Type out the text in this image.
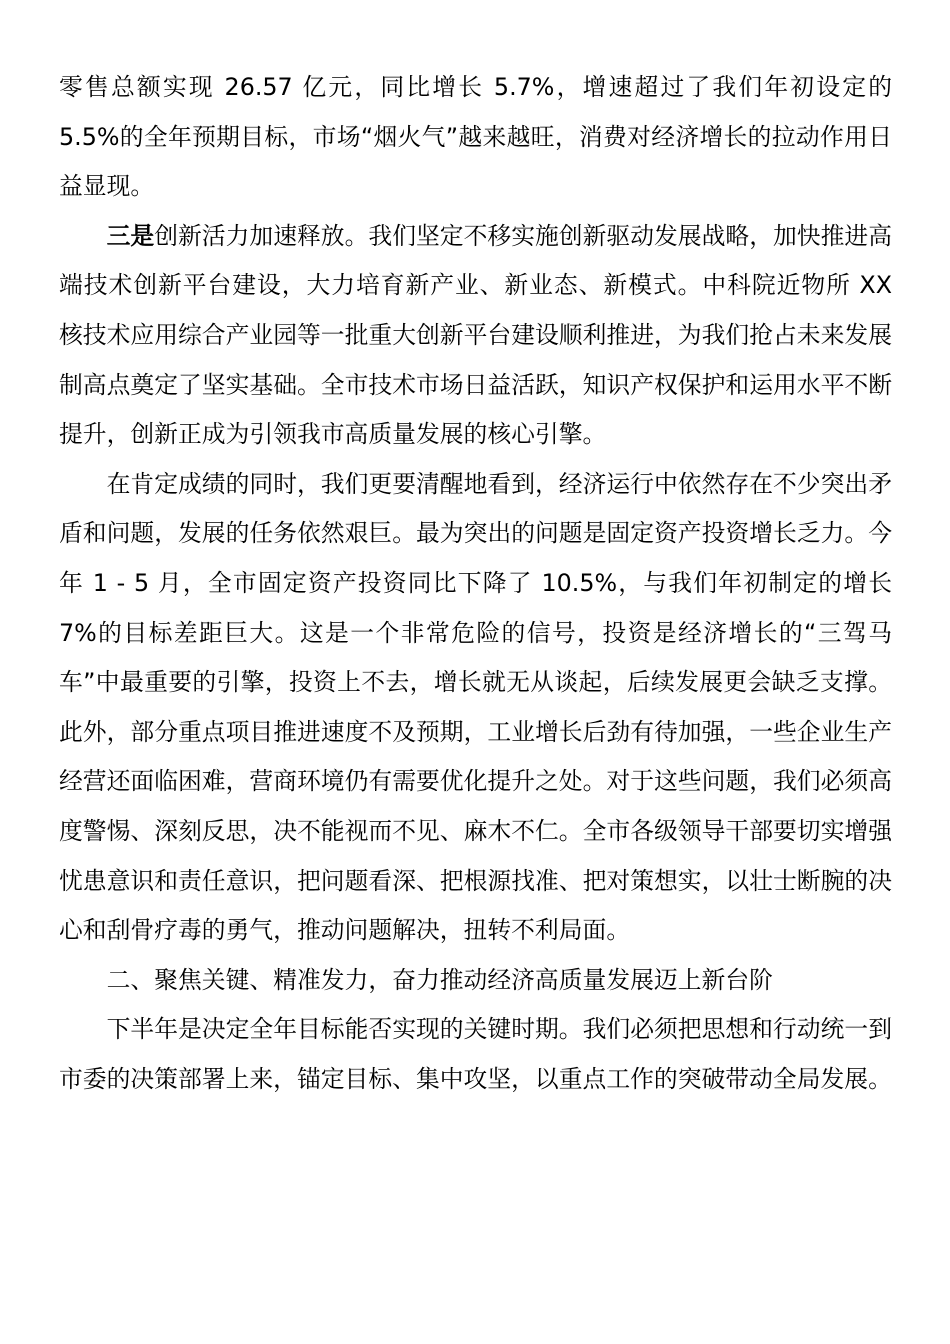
零售总额实现 26.57 亿元，同比增长 5.7%，增速超过了我们年初设定的 5.5%的全年预期目标，市场“烟火气”越来越旺，消费对经济增长的拉动作用日益显现。

三是创新活力加速释放。我们坚定不移实施创新驱动发展战略，加快推进高端技术创新平台建设，大力培育新产业、新业态、新模式。中科院近物所 XX 核技术应用综合产业园等一批重大创新平台建设顺利推进，为我们抢占未来发展制高点奠定了坚实基础。全市技术市场日益活跃，知识产权保护和运用水平不断提升，创新正成为引领我市高质量发展的核心引擎。

在肯定成绩的同时，我们更要清醒地看到，经济运行中依然存在不少突出矛盾和问题，发展的任务依然艰巨。最为突出的问题是固定资产投资增长乏力。今年 1 - 5 月，全市固定资产投资同比下降了 10.5%，与我们年初制定的增长 7%的目标差距巨大。这是一个非常危险的信号，投资是经济增长的“三驾马车”中最重要的引擎，投资上不去，增长就无从谈起，后续发展更会缺乏支撑。此外，部分重点项目推进速度不及预期，工业增长后劲有待加强，一些企业生产经营还面临困难，营商环境仍有需要优化提升之处。对于这些问题，我们必须高度警惕、深刻反思，决不能视而不见、麻木不仁。全市各级领导干部要切实增强忧患意识和责任意识，把问题看深、把根源找准、把对策想实，以壮士断腕的决心和刮骨疗毒的勇气，推动问题解决，扭转不利局面。

二、聚焦关键、精准发力，奋力推动经济高质量发展迈上新台阶

下半年是决定全年目标能否实现的关键时期。我们必须把思想和行动统一到市委的决策部署上来，锚定目标、集中攻坚，以重点工作的突破带动全局发展。
